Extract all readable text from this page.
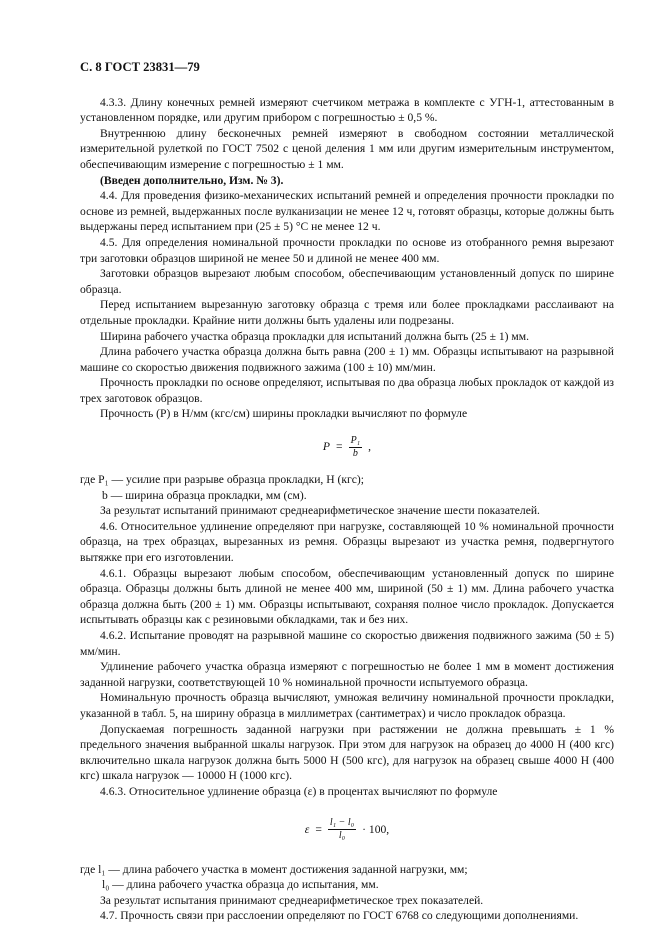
С. 8 ГОСТ 23831—79

4.3.3. Длину конечных ремней измеряют счетчиком метража в комплекте с УГН-1, аттестованным в установленном порядке, или другим прибором с погрешностью ± 0,5 %.

Внутреннюю длину бесконечных ремней измеряют в свободном состоянии металлической измерительной рулеткой по ГОСТ 7502 с ценой деления 1 мм или другим измерительным инструментом, обеспечивающим измерение с погрешностью ± 1 мм.

(Введен дополнительно, Изм. № 3).

4.4. Для проведения физико-механических испытаний ремней и определения прочности прокладки по основе из ремней, выдержанных после вулканизации не менее 12 ч, готовят образцы, которые должны быть выдержаны перед испытанием при (25 ± 5) °С не менее 12 ч.

4.5. Для определения номинальной прочности прокладки по основе из отобранного ремня вырезают три заготовки образцов шириной не менее 50 и длиной не менее 400 мм.

Заготовки образцов вырезают любым способом, обеспечивающим установленный допуск по ширине образца.

Перед испытанием вырезанную заготовку образца с тремя или более прокладками расслаивают на отдельные прокладки. Крайние нити должны быть удалены или подрезаны.

Ширина рабочего участка образца прокладки для испытаний должна быть (25 ± 1) мм.

Длина рабочего участка образца должна быть равна (200 ± 1) мм. Образцы испытывают на разрывной машине со скоростью движения подвижного зажима (100 ± 10) мм/мин.

Прочность прокладки по основе определяют, испытывая по два образца любых прокладок от каждой из трех заготовок образцов.

Прочность (P) в Н/мм (кгс/см) ширины прокладки вычисляют по формуле

$P = \frac{\text{P₁}}{b}$ ,

где P₁ — усилие при разрыве образца прокладки, Н (кгс);

b — ширина образца прокладки, мм (см).

За результат испытаний принимают среднеарифметическое значение шести показателей.

4.6. Относительное удлинение определяют при нагрузке, составляющей 10 % номинальной прочности образца, на трех образцах, вырезанных из ремня. Образцы вырезают из участка ремня, подвергнутого вытяжке при его изготовлении.

4.6.1. Образцы вырезают любым способом, обеспечивающим установленный допуск по ширине образца. Образцы должны быть длиной не менее 400 мм, шириной (50 ± 1) мм. Длина рабочего участка образца должна быть (200 ± 1) мм. Образцы испытывают, сохраняя полное число прокладок. Допускается испытывать образцы как с резиновыми обкладками, так и без них.

4.6.2. Испытание проводят на разрывной машине со скоростью движения подвижного зажима (50 ± 5) мм/мин.

Удлинение рабочего участка образца измеряют с погрешностью не более 1 мм в момент достижения заданной нагрузки, соответствующей 10 % номинальной прочности испытуемого образца.

Номинальную прочность образца вычисляют, умножая величину номинальной прочности прокладки, указанной в табл. 5, на ширину образца в миллиметрах (сантиметрах) и число прокладок образца.

Допускаемая погрешность заданной нагрузки при растяжении не должна превышать ± 1 % предельного значения выбранной шкалы нагрузок. При этом для нагрузок на образец до 4000 Н (400 кгс) включительно шкала нагрузок должна быть 5000 Н (500 кгс), для нагрузок на образец свыше 4000 Н (400 кгс) шкала нагрузок — 10000 Н (1000 кгс).

4.6.3. Относительное удлинение образца (ε) в процентах вычисляют по формуле

$\varepsilon = \frac{\text{l₁ − l₀}}{\text{l₀}} \cdot 100$,

где l₁ — длина рабочего участка в момент достижения заданной нагрузки, мм;

l₀ — длина рабочего участка образца до испытания, мм.

За результат испытания принимают среднеарифметическое трех показателей.

4.7. Прочность связи при расслоении определяют по ГОСТ 6768 со следующими дополнениями.
